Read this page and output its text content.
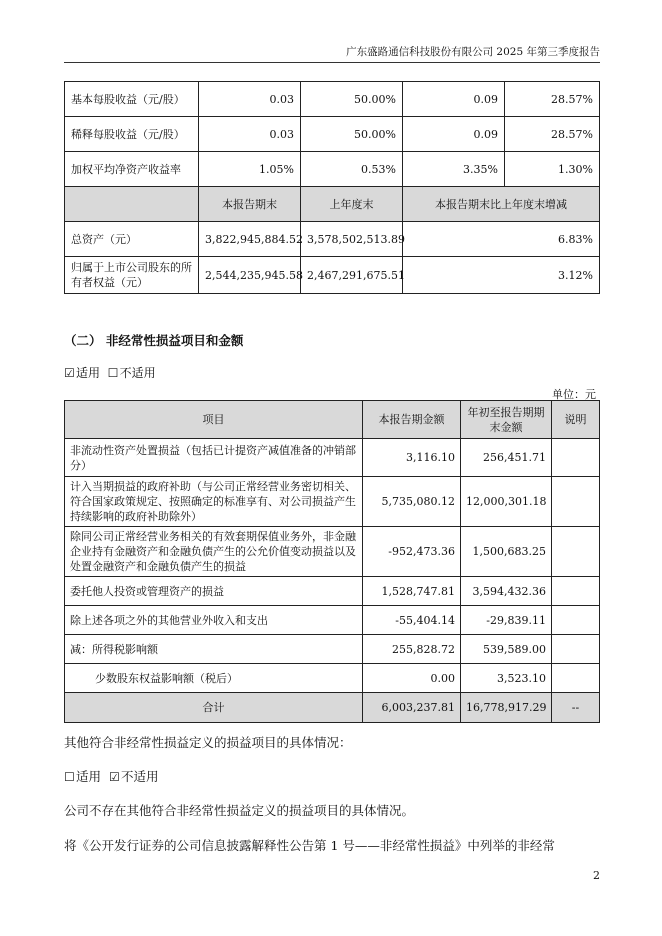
广东盛路通信科技股份有限公司 2025 年第三季度报告
基本每股收益（元/股）	0.03	50.00%	0.09	28.57%
稀释每股收益（元/股）	0.03	50.00%	0.09	28.57%
加权平均净资产收益率	1.05%	0.53%	3.35%	1.30%
	本报告期末	上年度末	本报告期末比上年度末增减	
总资产（元）	3,822,945,884.52	3,578,502,513.89	6.83%	
归属于上市公司股东的所有者权益（元）	2,544,235,945.58	2,467,291,675.51	3.12%	
（二） 非经常性损益项目和金额
☑适用 ☐不适用
单位：元
项目	本报告期金额	年初至报告期期末金额	说明
非流动性资产处置损益（包括已计提资产减值准备的冲销部分）	3,116.10	256,451.71	
计入当期损益的政府补助（与公司正常经营业务密切相关、符合国家政策规定、按照确定的标准享有、对公司损益产生持续影响的政府补助除外）	5,735,080.12	12,000,301.18	
除同公司正常经营业务相关的有效套期保值业务外，非金融企业持有金融资产和金融负债产生的公允价值变动损益以及处置金融资产和金融负债产生的损益	-952,473.36	1,500,683.25	
委托他人投资或管理资产的损益	1,528,747.81	3,594,432.36	
除上述各项之外的其他营业外收入和支出	-55,404.14	-29,839.11	
减：所得税影响额	255,828.72	539,589.00	
少数股东权益影响额（税后）	0.00	3,523.10	
合计	6,003,237.81	16,778,917.29	--
其他符合非经常性损益定义的损益项目的具体情况：
☐适用 ☑不适用
公司不存在其他符合非经常性损益定义的损益项目的具体情况。
将《公开发行证券的公司信息披露解释性公告第 1 号——非经常性损益》中列举的非经常
2
